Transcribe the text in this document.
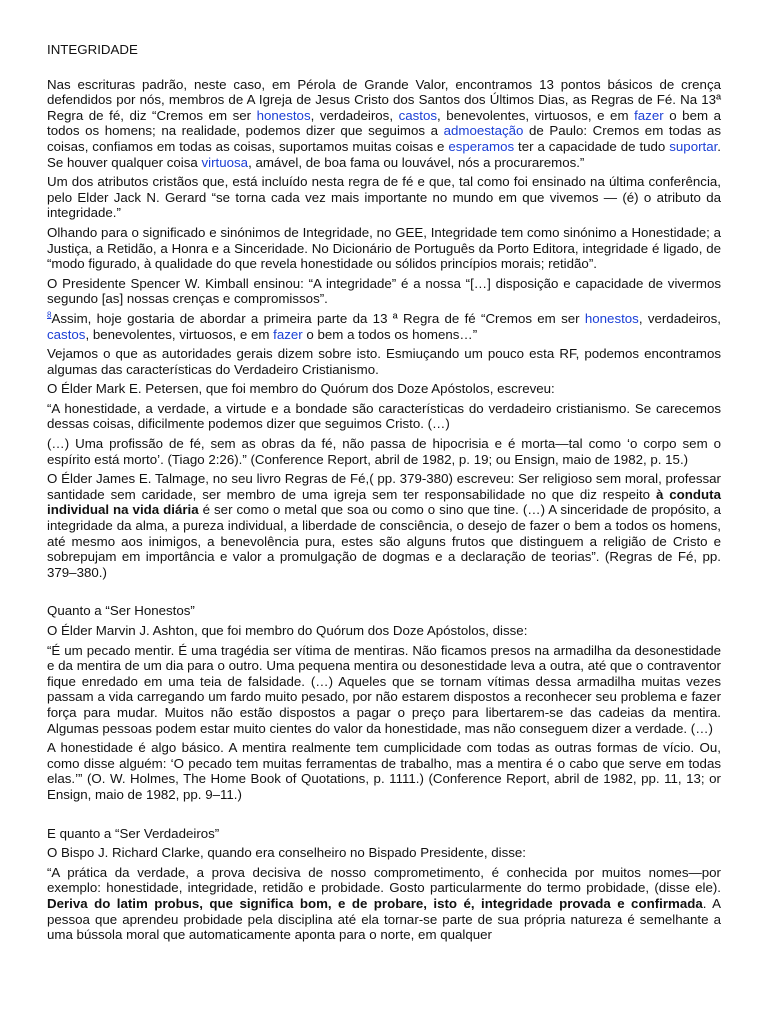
INTEGRIDADE

Nas escrituras padrão, neste caso, em Pérola de Grande Valor, encontramos 13 pontos básicos de crença defendidos por nós, membros de A Igreja de Jesus Cristo dos Santos dos Últimos Dias, as Regras de Fé. Na 13ª Regra de fé, diz “Cremos em ser honestos, verdadeiros, castos, benevolentes, virtuosos, e em fazer o bem a todos os homens; na realidade, podemos dizer que seguimos a admoestação de Paulo: Cremos em todas as coisas, confiamos em todas as coisas, suportamos muitas coisas e esperamos ter a capacidade de tudo suportar. Se houver qualquer coisa virtuosa, amável, de boa fama ou louvável, nós a procuraremos.”

Um dos atributos cristãos que, está incluído nesta regra de fé e que, tal como foi ensinado na última conferência, pelo Elder Jack N. Gerard “se torna cada vez mais importante no mundo em que vivemos — (é) o atributo da integridade.”

Olhando para o significado e sinónimos de Integridade, no GEE, Integridade tem como sinónimo a Honestidade; a Justiça, a Retidão, a Honra e a Sinceridade. No Dicionário de Português da Porto Editora, integridade é ligado, de “modo figurado, à qualidade do que revela honestidade ou sólidos princípios morais; retidão”.

O Presidente Spencer W. Kimball ensinou: “A integridade” é a nossa “[…] disposição e capacidade de vivermos segundo [as] nossas crenças e compromissos”.

$^8$Assim, hoje gostaria de abordar a primeira parte da 13 ª Regra de fé “Cremos em ser honestos, verdadeiros, castos, benevolentes, virtuosos, e em fazer o bem a todos os homens…”

Vejamos o que as autoridades gerais dizem sobre isto. Esmiuçando um pouco esta RF, podemos encontramos algumas das características do Verdadeiro Cristianismo.

O Élder Mark E. Petersen, que foi membro do Quórum dos Doze Apóstolos, escreveu:

“A honestidade, a verdade, a virtude e a bondade são características do verdadeiro cristianismo. Se carecemos dessas coisas, dificilmente podemos dizer que seguimos Cristo. (…)

(…) Uma profissão de fé, sem as obras da fé, não passa de hipocrisia e é morta—tal como ‘o corpo sem o espírito está morto’. (Tiago 2:26).” (Conference Report, abril de 1982, p. 19; ou Ensign, maio de 1982, p. 15.)

O Élder James E. Talmage, no seu livro Regras de Fé,( pp. 379-380) escreveu: Ser religioso sem moral, professar santidade sem caridade, ser membro de uma igreja sem ter responsabilidade no que diz respeito à conduta individual na vida diária é ser como o metal que soa ou como o sino que tine. (…) A sinceridade de propósito, a integridade da alma, a pureza individual, a liberdade de consciência, o desejo de fazer o bem a todos os homens, até mesmo aos inimigos, a benevolência pura, estes são alguns frutos que distinguem a religião de Cristo e sobrepujam em importância e valor a promulgação de dogmas e a declaração de teorias”. (Regras de Fé, pp. 379–380.)

Quanto a “Ser Honestos”

O Élder Marvin J. Ashton, que foi membro do Quórum dos Doze Apóstolos, disse:

“É um pecado mentir. É uma tragédia ser vítima de mentiras. Não ficamos presos na armadilha da desonestidade e da mentira de um dia para o outro. Uma pequena mentira ou desonestidade leva a outra, até que o contraventor fique enredado em uma teia de falsidade. (…) Aqueles que se tornam vítimas dessa armadilha muitas vezes passam a vida carregando um fardo muito pesado, por não estarem dispostos a reconhecer seu problema e fazer força para mudar. Muitos não estão dispostos a pagar o preço para libertarem-se das cadeias da mentira. Algumas pessoas podem estar muito cientes do valor da honestidade, mas não conseguem dizer a verdade. (…)

A honestidade é algo básico. A mentira realmente tem cumplicidade com todas as outras formas de vício. Ou, como disse alguém: ‘O pecado tem muitas ferramentas de trabalho, mas a mentira é o cabo que serve em todas elas.’” (O. W. Holmes, The Home Book of Quotations, p. 1111.) (Conference Report, abril de 1982, pp. 11, 13; or Ensign, maio de 1982, pp. 9–11.)

E quanto a “Ser Verdadeiros”

O Bispo J. Richard Clarke, quando era conselheiro no Bispado Presidente, disse:

“A prática da verdade, a prova decisiva de nosso comprometimento, é conhecida por muitos nomes—por exemplo: honestidade, integridade, retidão e probidade. Gosto particularmente do termo probidade, (disse ele). Deriva do latim probus, que significa bom, e de probare, isto é, integridade provada e confirmada. A pessoa que aprendeu probidade pela disciplina até ela tornar-se parte de sua própria natureza é semelhante a uma bússola moral que automaticamente aponta para o norte, em qualquer
